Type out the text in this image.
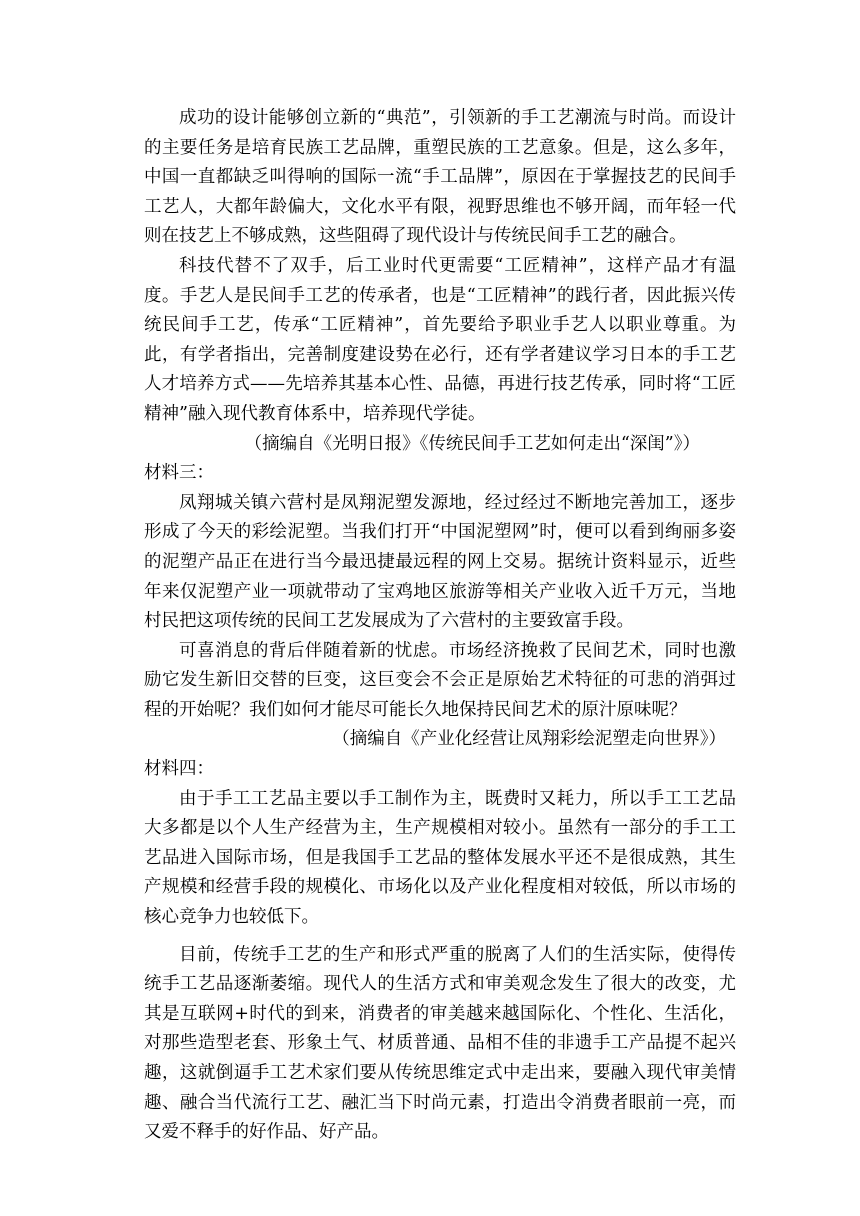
成功的设计能够创立新的“典范”，引领新的手工艺潮流与时尚。而设计的主要任务是培育民族工艺品牌，重塑民族的工艺意象。但是，这么多年，中国一直都缺乏叫得响的国际一流“手工品牌”，原因在于掌握技艺的民间手工艺人，大都年龄偏大，文化水平有限，视野思维也不够开阔，而年轻一代则在技艺上不够成熟，这些阻碍了现代设计与传统民间手工艺的融合。

科技代替不了双手，后工业时代更需要“工匠精神”，这样产品才有温度。手艺人是民间手工艺的传承者，也是“工匠精神”的践行者，因此振兴传统民间手工艺，传承“工匠精神”，首先要给予职业手艺人以职业尊重。为此，有学者指出，完善制度建设势在必行，还有学者建议学习日本的手工艺人才培养方式——先培养其基本心性、品德，再进行技艺传承，同时将“工匠精神”融入现代教育体系中，培养现代学徒。

（摘编自《光明日报》《传统民间手工艺如何走出“深闺”》）

材料三：

凤翔城关镇六营村是凤翔泥塑发源地，经过经过不断地完善加工，逐步形成了今天的彩绘泥塑。当我们打开“中国泥塑网”时，便可以看到绚丽多姿的泥塑产品正在进行当今最迅捷最远程的网上交易。据统计资料显示，近些年来仅泥塑产业一项就带动了宝鸡地区旅游等相关产业收入近千万元，当地村民把这项传统的民间工艺发展成为了六营村的主要致富手段。

可喜消息的背后伴随着新的忧虑。市场经济挽救了民间艺术，同时也激励它发生新旧交替的巨变，这巨变会不会正是原始艺术特征的可悲的消弭过程的开始呢？我们如何才能尽可能长久地保持民间艺术的原汁原味呢？

（摘编自《产业化经营让凤翔彩绘泥塑走向世界》）

材料四：

由于手工工艺品主要以手工制作为主，既费时又耗力，所以手工工艺品大多都是以个人生产经营为主，生产规模相对较小。虽然有一部分的手工工艺品进入国际市场，但是我国手工艺品的整体发展水平还不是很成熟，其生产规模和经营手段的规模化、市场化以及产业化程度相对较低，所以市场的核心竞争力也较低下。

目前，传统手工艺的生产和形式严重的脱离了人们的生活实际，使得传统手工艺品逐渐萎缩。现代人的生活方式和审美观念发生了很大的改变，尤其是互联网+时代的到来，消费者的审美越来越国际化、个性化、生活化，对那些造型老套、形象土气、材质普通、品相不佳的非遗手工产品提不起兴趣，这就倒逼手工艺术家们要从传统思维定式中走出来，要融入现代审美情趣、融合当代流行工艺、融汇当下时尚元素，打造出令消费者眼前一亮，而又爱不释手的好作品、好产品。
